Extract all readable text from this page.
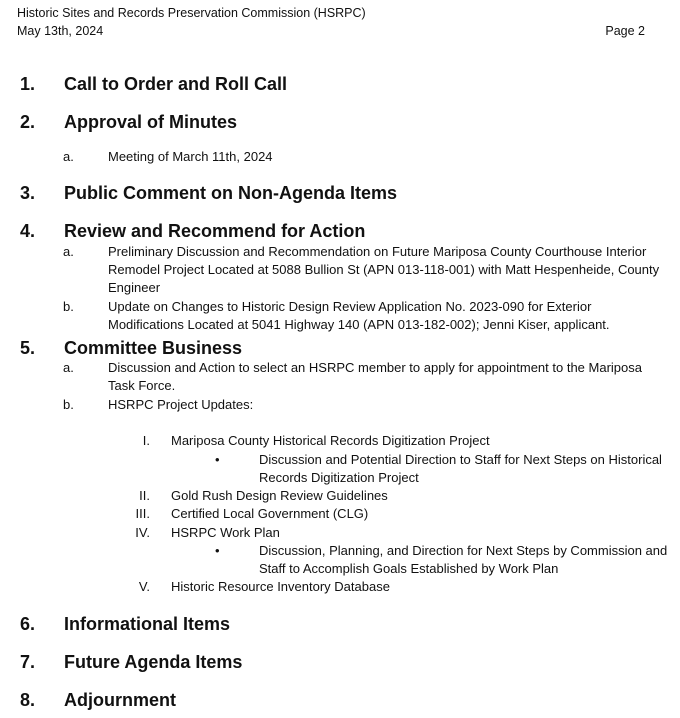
Historic Sites and Records Preservation Commission (HSRPC)
May 13th, 2024	Page 2
1. Call to Order and Roll Call
2. Approval of Minutes
a.	Meeting of March 11th, 2024
3. Public Comment on Non-Agenda Items
4. Review and Recommend for Action
a.	Preliminary Discussion and Recommendation on Future Mariposa County Courthouse Interior Remodel Project Located at 5088 Bullion St (APN 013-118-001) with Matt Hespenheide, County Engineer
b.	Update on Changes to Historic Design Review Application No. 2023-090 for Exterior Modifications Located at 5041 Highway 140 (APN 013-182-002); Jenni Kiser, applicant.
5. Committee Business
a.	Discussion and Action to select an HSRPC member to apply for appointment to the Mariposa Task Force.
b.	HSRPC Project Updates:
I. Mariposa County Historical Records Digitization Project
•	Discussion and Potential Direction to Staff for Next Steps on Historical Records Digitization Project
II. Gold Rush Design Review Guidelines
III. Certified Local Government (CLG)
IV. HSRPC Work Plan
•	Discussion, Planning, and Direction for Next Steps by Commission and Staff to Accomplish Goals Established by Work Plan
V. Historic Resource Inventory Database
6. Informational Items
7. Future Agenda Items
8. Adjournment
